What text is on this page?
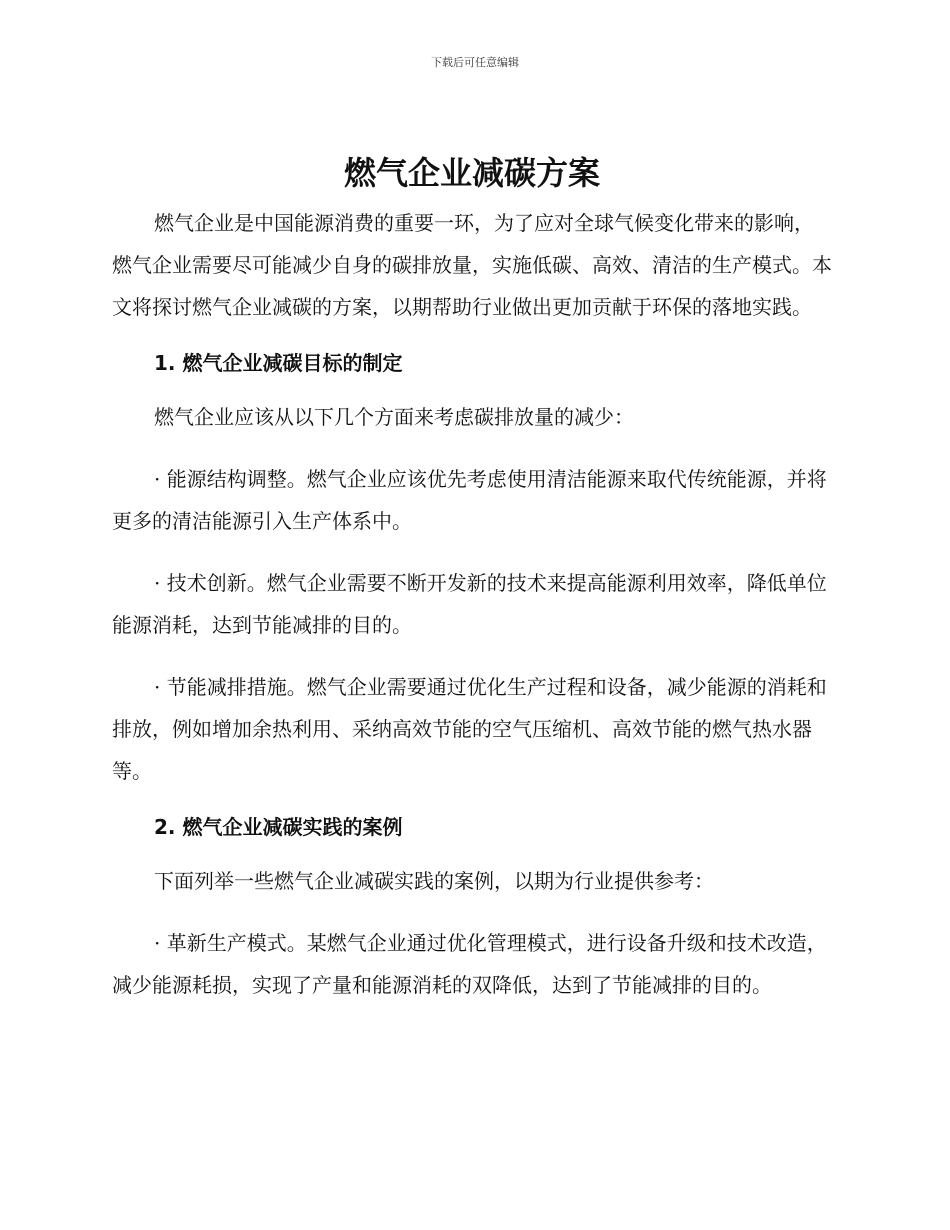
下载后可任意编辑
燃气企业减碳方案

燃气企业是中国能源消费的重要一环，为了应对全球气候变化带来的影响，燃气企业需要尽可能减少自身的碳排放量，实施低碳、高效、清洁的生产模式。本文将探讨燃气企业减碳的方案，以期帮助行业做出更加贡献于环保的落地实践。

1. 燃气企业减碳目标的制定

燃气企业应该从以下几个方面来考虑碳排放量的减少：

· 能源结构调整。燃气企业应该优先考虑使用清洁能源来取代传统能源，并将更多的清洁能源引入生产体系中。

· 技术创新。燃气企业需要不断开发新的技术来提高能源利用效率，降低单位能源消耗，达到节能减排的目的。

· 节能减排措施。燃气企业需要通过优化生产过程和设备，减少能源的消耗和排放，例如增加余热利用、采纳高效节能的空气压缩机、高效节能的燃气热水器等。

2. 燃气企业减碳实践的案例

下面列举一些燃气企业减碳实践的案例，以期为行业提供参考：

· 革新生产模式。某燃气企业通过优化管理模式，进行设备升级和技术改造，减少能源耗损，实现了产量和能源消耗的双降低，达到了节能减排的目的。
